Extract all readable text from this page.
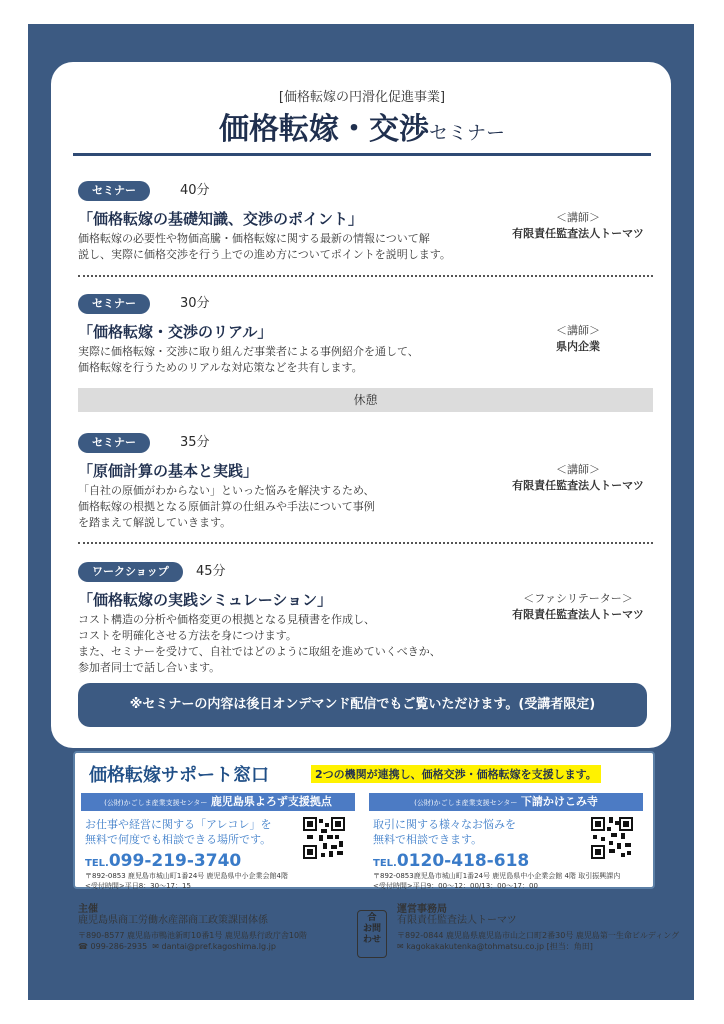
[価格転嫁の円滑化促進事業]
価格転嫁・交渉セミナー
セミナー	40分
「価格転嫁の基礎知識、交渉のポイント」
価格転嫁の必要性や物価高騰・価格転嫁に関する最新の情報について解
説し、実際に価格交渉を行う上での進め方についてポイントを説明します。
＜講師＞
有限責任監査法人トーマツ
セミナー	30分
「価格転嫁・交渉のリアル」
実際に価格転嫁・交渉に取り組んだ事業者による事例紹介を通して、
価格転嫁を行うためのリアルな対応策などを共有します。
＜講師＞
県内企業
休憩
セミナー	35分
「原価計算の基本と実践」
「自社の原価がわからない」といった悩みを解決するため、
価格転嫁の根拠となる原価計算の仕組みや手法について事例
を踏まえて解説していきます。
＜講師＞
有限責任監査法人トーマツ
ワークショップ	45分
「価格転嫁の実践シミュレーション」
コスト構造の分析や価格変更の根拠となる見積書を作成し、
コストを明確化させる方法を身につけます。
また、セミナーを受けて、自社ではどのように取組を進めていくべきか、
参加者同士で話し合います。
＜ファシリテーター＞
有限責任監査法人トーマツ
※セミナーの内容は後日オンデマンド配信でもご覧いただけます。(受講者限定)
価格転嫁サポート窓口	2つの機関が連携し、価格交渉・価格転嫁を支援します。
(公財)かごしま産業支援センター 鹿児島県よろず支援拠点
お仕事や経営に関する「アレコレ」を
無料で何度でも相談できる場所です。
TEL.099-219-3740
〒892-0853 鹿児島市城山町1番24号 鹿児島県中小企業会館4階
<受付時間>平日8：30〜17：15
(公財)かごしま産業支援センター 下請かけこみ寺
取引に関する様々なお悩みを
無料で相談できます。
TEL.0120-418-618
〒892-0853鹿児島市城山町1番24号 鹿児島県中小企業会館 4階 取引振興課内
<受付時間>平日9：00〜12：00/13：00〜17：00
主催
鹿児島県商工労働水産部商工政策課団体係
〒890-8577 鹿児島市鴨池新町10番1号 鹿児島県行政庁舎10階
☎ 099-286-2935 ✉ dantai@pref.kagoshima.lg.jp
合
お問
わせ
運営事務局
有限責任監査法人トーマツ
〒892-0844 鹿児島県鹿児島市山之口町2番30号 鹿児島第一生命ビルディング
✉ kagokakakutenka@tohmatsu.co.jp [担当：角田]
